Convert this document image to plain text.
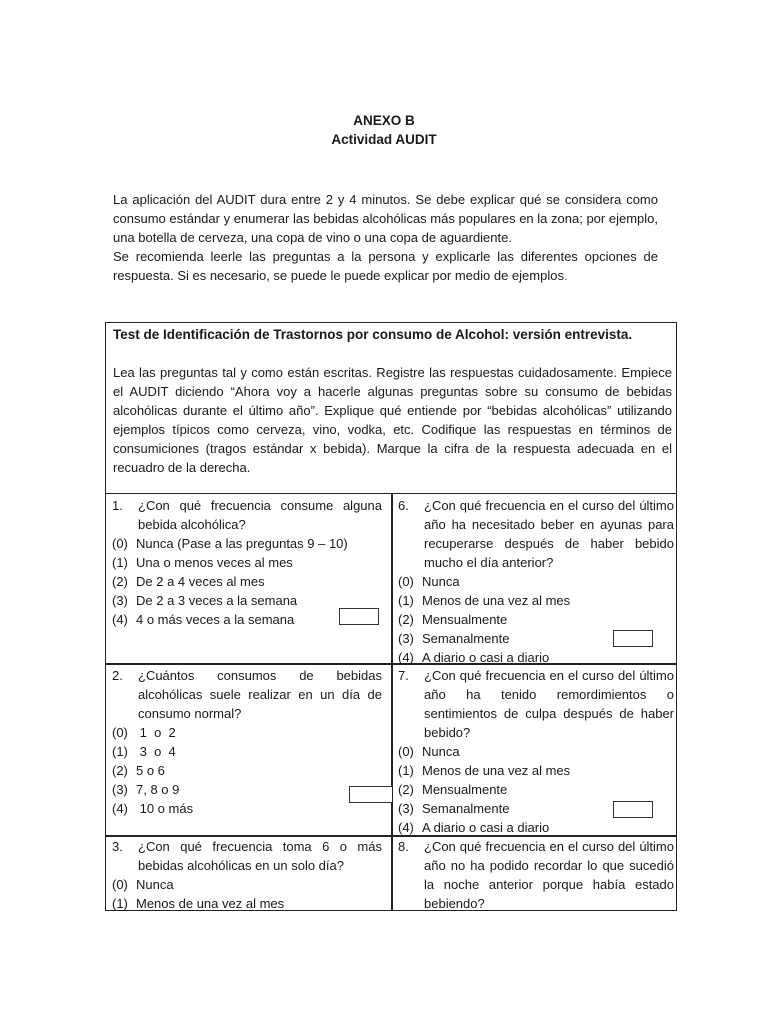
ANEXO B
Actividad AUDIT

La aplicación del AUDIT dura entre 2 y 4 minutos. Se debe explicar qué se considera como consumo estándar y enumerar las bebidas alcohólicas más populares en la zona; por ejemplo, una botella de cerveza, una copa de vino o una copa de aguardiente.

Se recomienda leerle las preguntas a la persona y explicarle las diferentes opciones de respuesta. Si es necesario, se puede le puede explicar por medio de ejemplos.

Test de Identificación de Trastornos por consumo de Alcohol: versión entrevista.
Lea las preguntas tal y como están escritas. Registre las respuestas cuidadosamente. Empiece el AUDIT diciendo “Ahora voy a hacerle algunas preguntas sobre su consumo de bebidas alcohólicas durante el último año”. Explique qué entiende por “bebidas alcohólicas” utilizando ejemplos típicos como cerveza, vino, vodka, etc. Codifique las respuestas en términos de consumiciones (tragos estándar x bebida). Marque la cifra de la respuesta adecuada en el recuadro de la derecha.
1.	¿Con qué frecuencia consume alguna bebida alcohólica?
(0) Nunca (Pase a las preguntas 9 – 10)
(1) Una o menos veces al mes
(2) De 2 a 4 veces al mes
(3) De 2 a 3 veces a la semana
(4) 4 o más veces a la semana
6.	¿Con qué frecuencia en el curso del último año ha necesitado beber en ayunas para recuperarse después de haber bebido mucho el día anterior?
(0) Nunca
(1) Menos de una vez al mes
(2) Mensualmente
(3) Semanalmente
(4) A diario o casi a diario
2.	¿Cuántos consumos de bebidas alcohólicas suele realizar en un día de consumo normal?
(0) 1  o  2
(1) 3  o  4
(2) 5 o 6
(3) 7, 8 o 9
(4) 10 o más
7.	¿Con qué frecuencia en el curso del último año ha tenido remordimientos o sentimientos de culpa después de haber bebido?
(0) Nunca
(1) Menos de una vez al mes
(2) Mensualmente
(3) Semanalmente
(4) A diario o casi a diario
3.	¿Con qué frecuencia toma 6 o más bebidas alcohólicas en un solo día?
(0) Nunca
(1) Menos de una vez al mes
8.	¿Con qué frecuencia en el curso del último año no ha podido recordar lo que sucedió la noche anterior porque había estado bebiendo?
